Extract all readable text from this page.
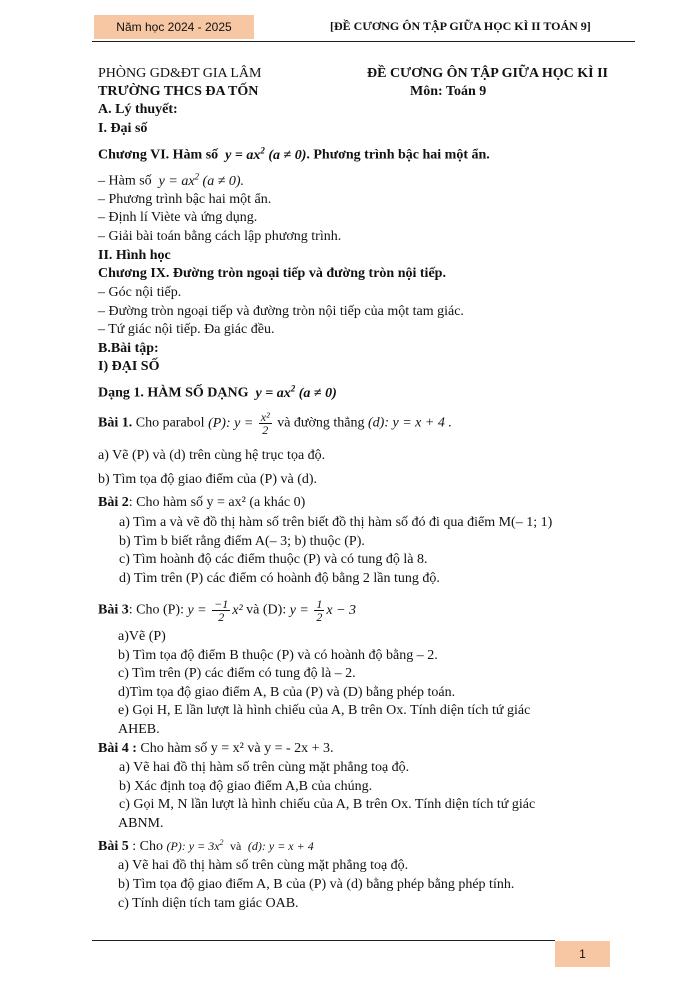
Năm học 2024 - 2025	[ĐỀ CƯƠNG ÔN TẬP GIỮA HỌC KÌ II TOÁN 9]
PHÒNG GD&ĐT GIA LÂM	ĐỀ CƯƠNG ÔN TẬP GIỮA HỌC KÌ II
TRƯỜNG THCS ĐA TỐN	Môn: Toán 9
A. Lý thuyết:
I. Đại số
Chương VI. Hàm số  $y = ax^2$ (a ≠ 0). Phương trình bậc hai một ẩn.
– Hàm số  $y = ax^2$ (a ≠ 0).
– Phương trình bậc hai một ẩn.
– Định lí Viète và ứng dụng.
– Giải bài toán bằng cách lập phương trình.
II. Hình học
Chương IX. Đường tròn ngoại tiếp và đường tròn nội tiếp.
– Góc nội tiếp.
– Đường tròn ngoại tiếp và đường tròn nội tiếp của một tam giác.
– Tứ giác nội tiếp. Đa giác đều.
B.Bài tập:
I) ĐẠI SỐ
Dạng 1. HÀM SỐ DẠNG  $y = ax^2$ (a ≠ 0)
Bài 1. Cho parabol (P): $y = \frac{\text{x²}}{2}$ và đường thẳng (d): y = x + 4 .
a) Vẽ (P) và (d) trên cùng hệ trục tọa độ.
b) Tìm tọa độ giao điểm của (P) và (d).
Bài 2: Cho hàm số y = ax² (a khác 0)
a) Tìm a và vẽ đồ thị hàm số trên biết đồ thị hàm số đó đi qua điểm M(– 1; 1)
b) Tìm b biết rằng điểm A(– 3; b) thuộc (P).
c) Tìm hoành độ các điểm thuộc (P) và có tung độ là 8.
d) Tìm trên (P) các điểm có hoành độ bằng 2 lần tung độ.
Bài 3: Cho (P): $y = \frac{-1}{2} x^2$ và (D): $y = \frac{1}{2}$ x − 3
a)Vẽ (P)
b) Tìm tọa độ điểm B thuộc (P) và có hoành độ bằng – 2.
c) Tìm trên (P) các điểm có tung độ là – 2.
d)Tìm tọa độ giao điểm A, B của (P) và (D) bằng phép toán.
e) Gọi H, E lần lượt là hình chiếu của A, B trên Ox. Tính diện tích tứ giác
AHEB.
Bài 4 : Cho hàm số y = x² và y = - 2x + 3.
a) Vẽ hai đồ thị hàm số trên cùng mặt phẳng toạ độ.
b) Xác định toạ độ giao điểm A,B của chúng.
c) Gọi M, N lần lượt là hình chiếu của A, B trên Ox. Tính diện tích tứ giác
ABNM.
Bài 5 : Cho (P): $y = 3x^2$  và  (d): y = x + 4
a) Vẽ hai đồ thị hàm số trên cùng mặt phẳng toạ độ.
b) Tìm tọa độ giao điểm A, B của (P) và (d) bằng phép bằng phép tính.
c) Tính diện tích tam giác OAB.
1
